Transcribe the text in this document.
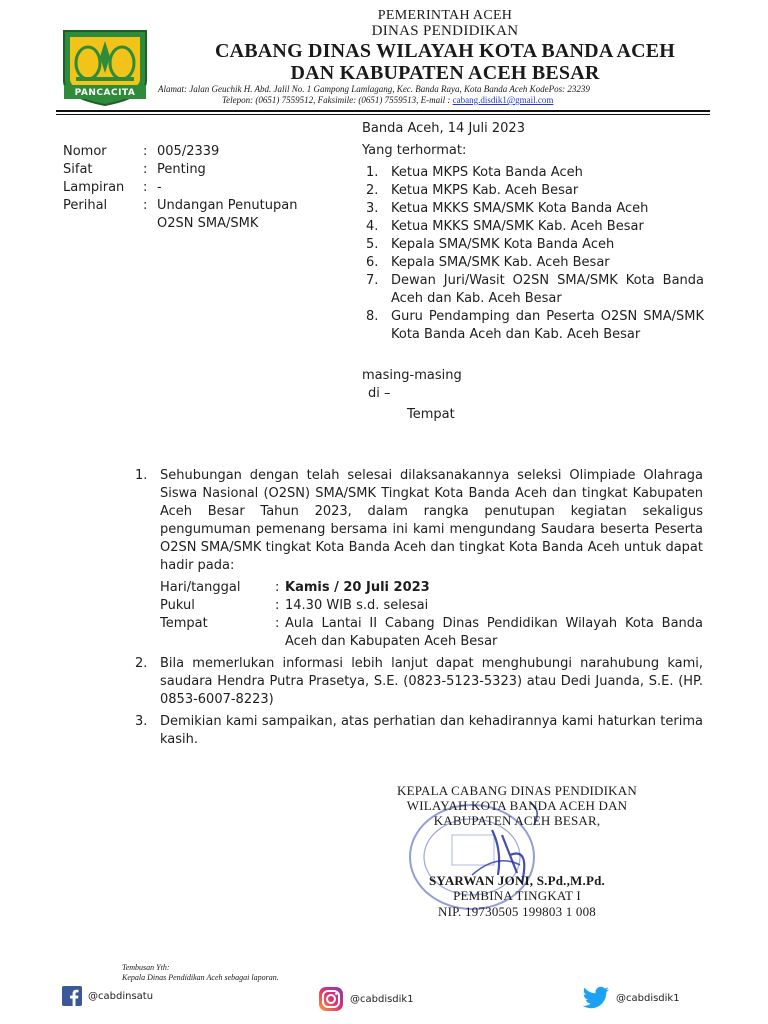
PANCACITA
PEMERINTAH ACEH
DINAS PENDIDIKAN
CABANG DINAS WILAYAH KOTA BANDA ACEH
DAN KABUPATEN ACEH BESAR
Alamat: Jalan Geuchik H. Abd. Jalil No. 1 Gampong Lamlagang, Kec. Banda Raya, Kota Banda Aceh KodePos: 23239
Telepon: (0651) 7559512, Faksimile: (0651) 7559513, E-mail : cabang.disdik1@gmail.com
Banda Aceh, 14 Juli 2023
Yang terhormat:
Nomor	: 005/2339
Sifat	: Penting
Lampiran	: -
Perihal	: Undangan Penutupan O2SN SMA/SMK
1. Ketua MKPS Kota Banda Aceh
2. Ketua MKPS Kab. Aceh Besar
3. Ketua MKKS SMA/SMK Kota Banda Aceh
4. Ketua MKKS SMA/SMK Kab. Aceh Besar
5. Kepala SMA/SMK Kota Banda Aceh
6. Kepala SMA/SMK Kab. Aceh Besar
7. Dewan Juri/Wasit O2SN SMA/SMK Kota Banda Aceh dan Kab. Aceh Besar
8. Guru Pendamping dan Peserta O2SN SMA/SMK Kota Banda Aceh dan Kab. Aceh Besar
masing-masing
di –
Tempat
1. Sehubungan dengan telah selesai dilaksanakannya seleksi Olimpiade Olahraga Siswa Nasional (O2SN) SMA/SMK Tingkat Kota Banda Aceh dan tingkat Kabupaten Aceh Besar Tahun 2023, dalam rangka penutupan kegiatan sekaligus pengumuman pemenang bersama ini kami mengundang Saudara beserta Peserta O2SN SMA/SMK tingkat Kota Banda Aceh dan tingkat Kota Banda Aceh untuk dapat hadir pada:
Hari/tanggal	: Kamis / 20 Juli 2023
Pukul	: 14.30 WIB s.d. selesai
Tempat	: Aula Lantai II Cabang Dinas Pendidikan Wilayah Kota Banda Aceh dan Kabupaten Aceh Besar
2. Bila memerlukan informasi lebih lanjut dapat menghubungi narahubung kami, saudara Hendra Putra Prasetya, S.E. (0823-5123-5323) atau Dedi Juanda, S.E. (HP. 0853-6007-8223)
3. Demikian kami sampaikan, atas perhatian dan kehadirannya kami haturkan terima kasih.
KEPALA CABANG DINAS PENDIDIKAN
WILAYAH KOTA BANDA ACEH DAN
KABUPATEN ACEH BESAR,
SYARWAN JONI, S.Pd.,M.Pd.
PEMBINA TINGKAT I
NIP. 19730505 199803 1 008
Tembusan Yth:
Kepala Dinas Pendidikan Aceh sebagai laporan.
@cabdinsatu	@cabdisdik1	@cabdisdik1
